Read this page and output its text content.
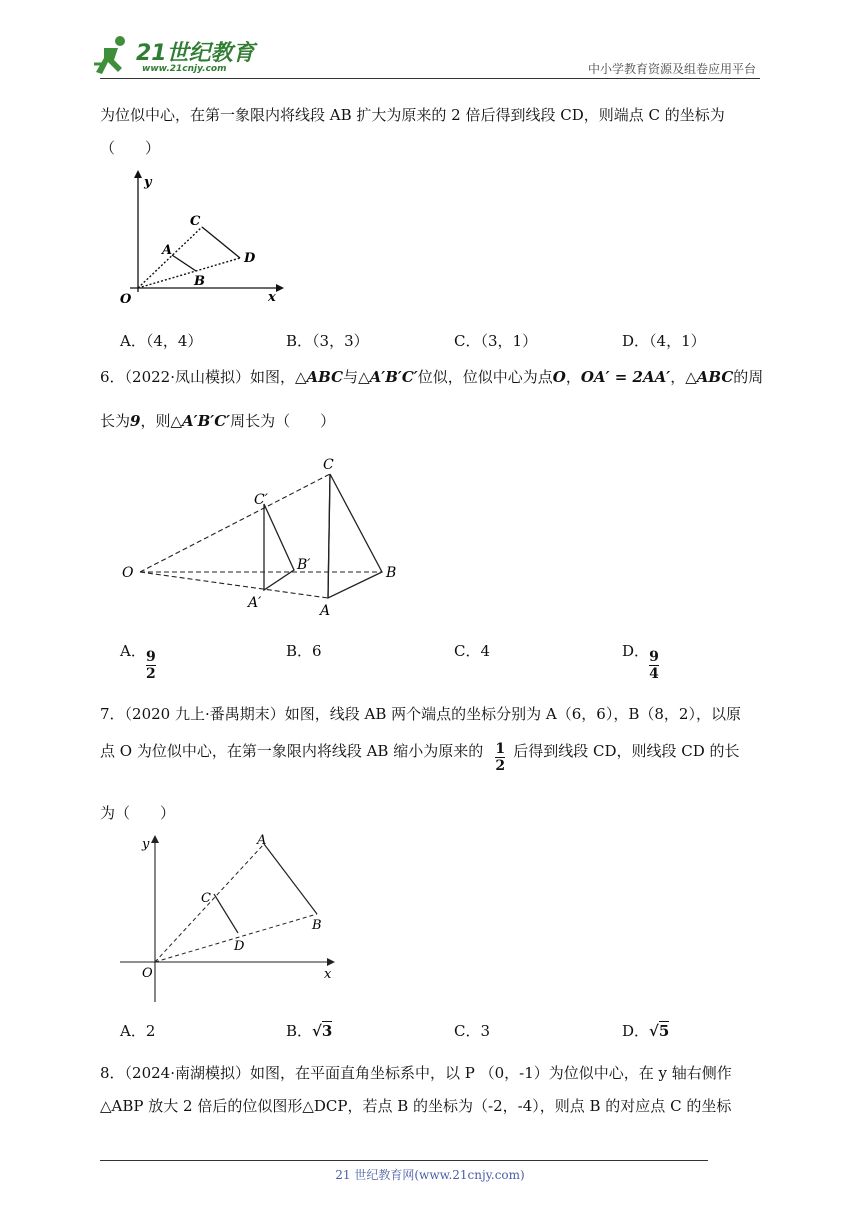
21世纪教育
www.21cnjy.com	中小学教育资源及组卷应用平台
为位似中心，在第一象限内将线段 AB 扩大为原来的 2 倍后得到线段 CD，则端点 C 的坐标为
（　　）
y
x
O
A
B
C
D
A．（4，4）	B．（3，3）	C．（3，1）	D．（4，1）
6．（2022·凤山模拟）如图，△ABC与△A′B′C′位似，位似中心为点O，OA′ = 2AA′，△ABC的周
长为9，则△A′B′C′周长为（　　）
O
C
B
A
C′
B′
A′
A． $\frac{9}{2}$	B．6	C．4	D． $\frac{9}{4}$
7．（2020 九上·番禺期末）如图，线段 AB 两个端点的坐标分别为 A（6，6），B（8，2），以原
点 O 为位似中心，在第一象限内将线段 AB 缩小为原来的 $\frac{1}{2}$ 后得到线段 CD，则线段 CD 的长
为（　　）
y
x
O
A
B
C
D
A．2	B．√3	C．3	D．√5
8．（2024·南湖模拟）如图，在平面直角坐标系中，以 P （0，-1）为位似中心，在 y 轴右侧作
△ABP 放大 2 倍后的位似图形△DCP，若点 B 的坐标为（-2，-4），则点 B 的对应点 C 的坐标
21 世纪教育网(www.21cnjy.com)
